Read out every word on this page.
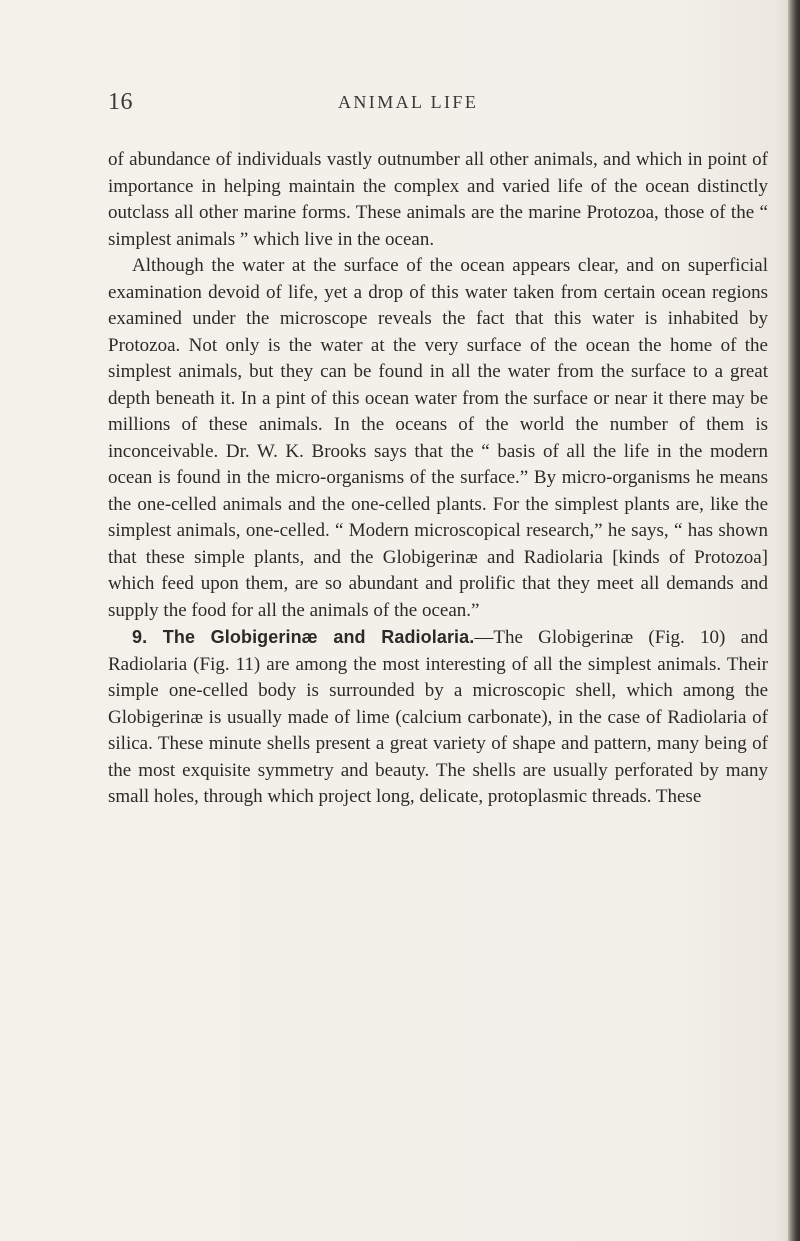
16	ANIMAL LIFE

of abundance of individuals vastly outnumber all other animals, and which in point of importance in helping maintain the complex and varied life of the ocean distinctly outclass all other marine forms. These animals are the marine Protozoa, those of the “ simplest animals ” which live in the ocean.

Although the water at the surface of the ocean appears clear, and on superficial examination devoid of life, yet a drop of this water taken from certain ocean regions examined under the microscope reveals the fact that this water is inhabited by Protozoa. Not only is the water at the very surface of the ocean the home of the simplest animals, but they can be found in all the water from the surface to a great depth beneath it. In a pint of this ocean water from the surface or near it there may be millions of these animals. In the oceans of the world the number of them is inconceivable. Dr. W. K. Brooks says that the “ basis of all the life in the modern ocean is found in the micro-organisms of the surface.” By micro-organisms he means the one-celled animals and the one-celled plants. For the simplest plants are, like the simplest animals, one-celled. “ Modern microscopical research,” he says, “ has shown that these simple plants, and the Globigerinæ and Radiolaria [kinds of Protozoa] which feed upon them, are so abundant and prolific that they meet all demands and supply the food for all the animals of the ocean.”

9. The Globigerinæ and Radiolaria.—The Globigerinæ (Fig. 10) and Radiolaria (Fig. 11) are among the most interesting of all the simplest animals. Their simple one-celled body is surrounded by a microscopic shell, which among the Globigerinæ is usually made of lime (calcium carbonate), in the case of Radiolaria of silica. These minute shells present a great variety of shape and pattern, many being of the most exquisite symmetry and beauty. The shells are usually perforated by many small holes, through which project long, delicate, protoplasmic threads. These
